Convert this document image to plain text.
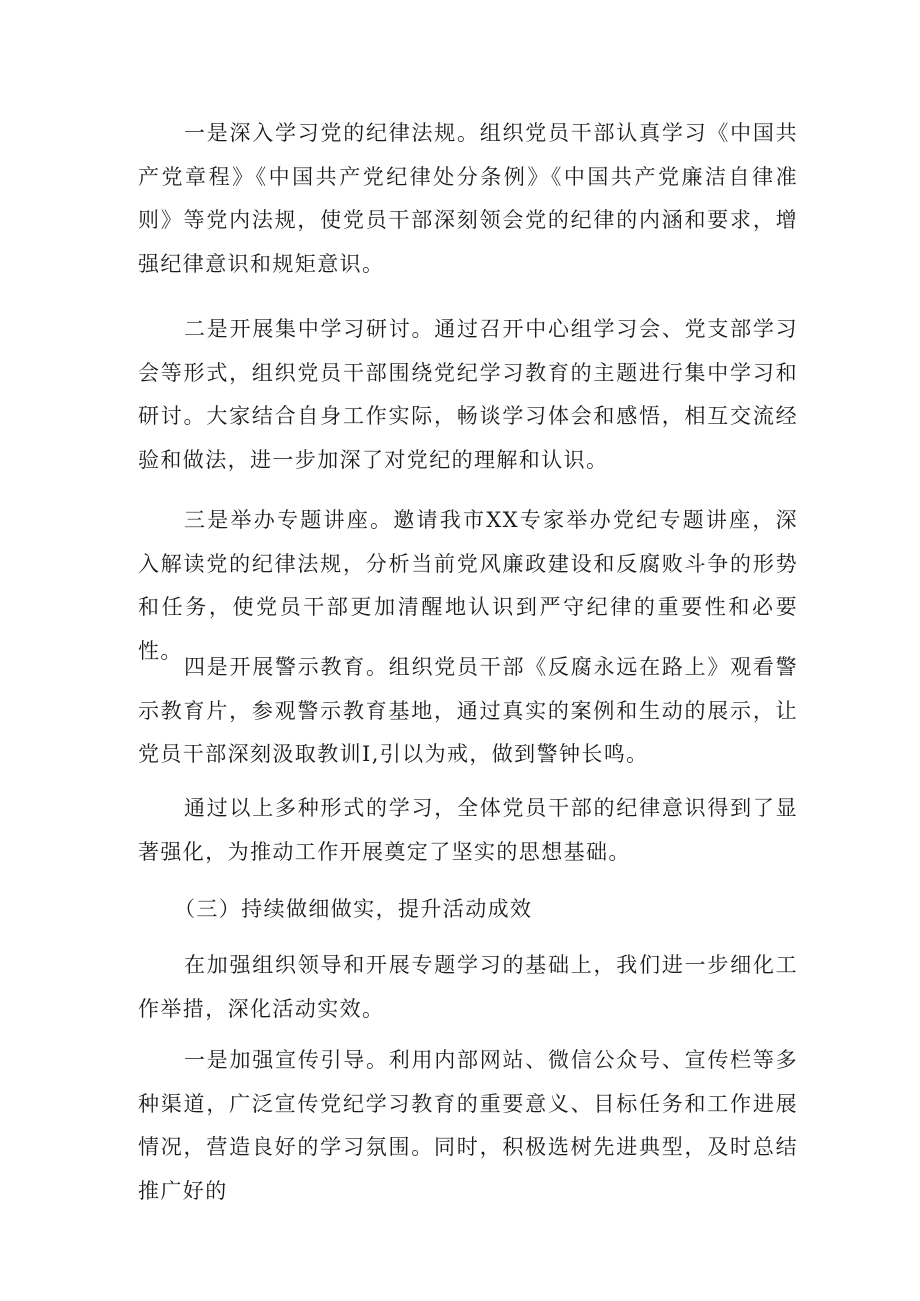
一是深入学习党的纪律法规。组织党员干部认真学习《中国共产党章程》《中国共产党纪律处分条例》《中国共产党廉洁自律准则》等党内法规，使党员干部深刻领会党的纪律的内涵和要求，增强纪律意识和规矩意识。

二是开展集中学习研讨。通过召开中心组学习会、党支部学习会等形式，组织党员干部围绕党纪学习教育的主题进行集中学习和研讨。大家结合自身工作实际，畅谈学习体会和感悟，相互交流经验和做法，进一步加深了对党纪的理解和认识。

三是举办专题讲座。邀请我市XX专家举办党纪专题讲座，深入解读党的纪律法规，分析当前党风廉政建设和反腐败斗争的形势和任务，使党员干部更加清醒地认识到严守纪律的重要性和必要性。

四是开展警示教育。组织党员干部《反腐永远在路上》观看警示教育片，参观警示教育基地，通过真实的案例和生动的展示，让党员干部深刻汲取教训I,引以为戒，做到警钟长鸣。

通过以上多种形式的学习，全体党员干部的纪律意识得到了显著强化，为推动工作开展奠定了坚实的思想基础。

（三）持续做细做实，提升活动成效

在加强组织领导和开展专题学习的基础上，我们进一步细化工作举措，深化活动实效。

一是加强宣传引导。利用内部网站、微信公众号、宣传栏等多种渠道，广泛宣传党纪学习教育的重要意义、目标任务和工作进展情况，营造良好的学习氛围。同时，积极选树先进典型，及时总结推广好的
